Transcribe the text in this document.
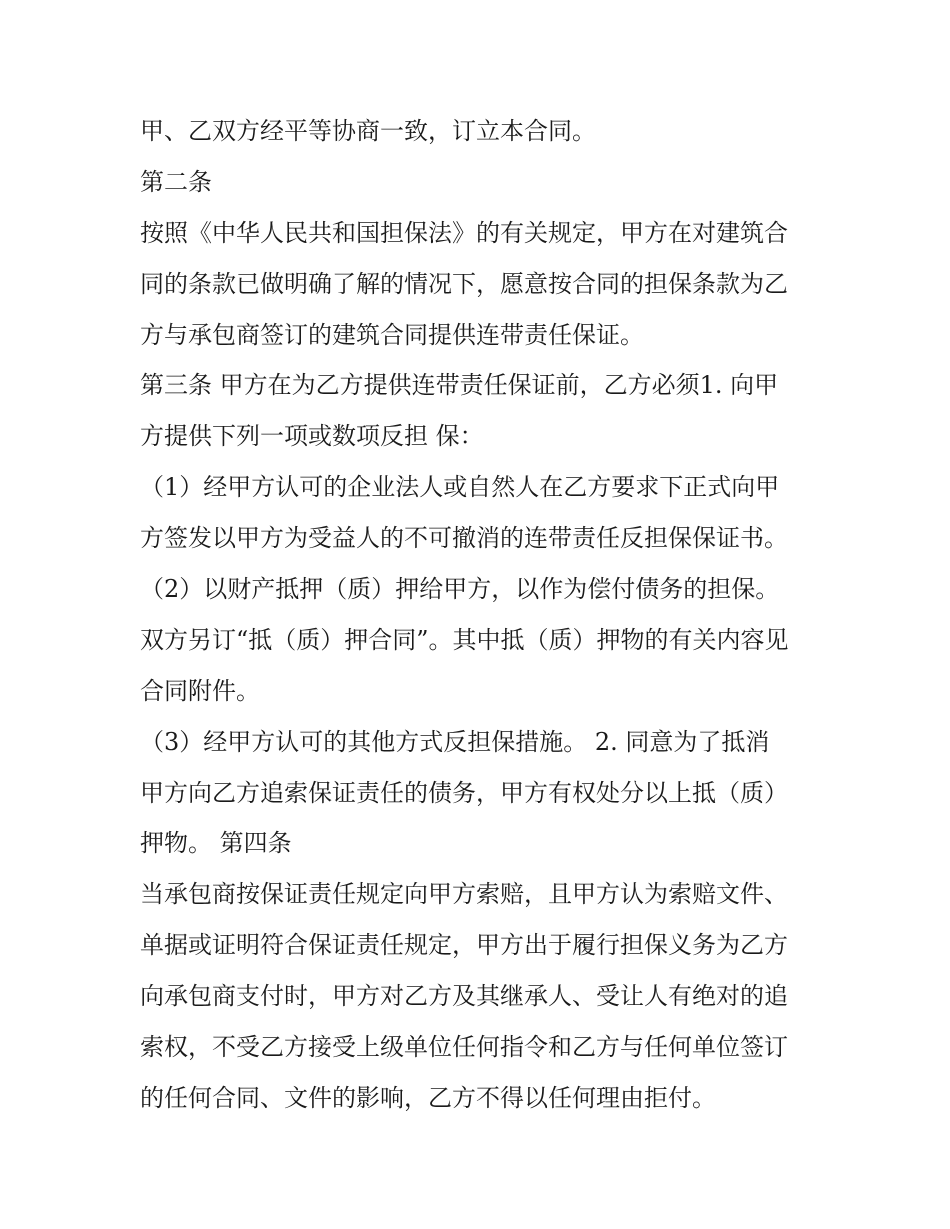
甲、乙双方经平等协商一致，订立本合同。
第二条
按照《中华人民共和国担保法》的有关规定，甲方在对建筑合
同的条款已做明确了解的情况下，愿意按合同的担保条款为乙
方与承包商签订的建筑合同提供连带责任保证。
第三条 甲方在为乙方提供连带责任保证前，乙方必须1. 向甲
方提供下列一项或数项反担 保：
（1）经甲方认可的企业法人或自然人在乙方要求下正式向甲
方签发以甲方为受益人的不可撤消的连带责任反担保保证书。
（2）以财产抵押（质）押给甲方，以作为偿付债务的担保。
双方另订“抵（质）押合同”。其中抵（质）押物的有关内容见
合同附件。
（3）经甲方认可的其他方式反担保措施。 2. 同意为了抵消
甲方向乙方追索保证责任的债务，甲方有权处分以上抵（质）
押物。 第四条
当承包商按保证责任规定向甲方索赔，且甲方认为索赔文件、
单据或证明符合保证责任规定，甲方出于履行担保义务为乙方
向承包商支付时，甲方对乙方及其继承人、受让人有绝对的追
索权，不受乙方接受上级单位任何指令和乙方与任何单位签订
的任何合同、文件的影响，乙方不得以任何理由拒付。
